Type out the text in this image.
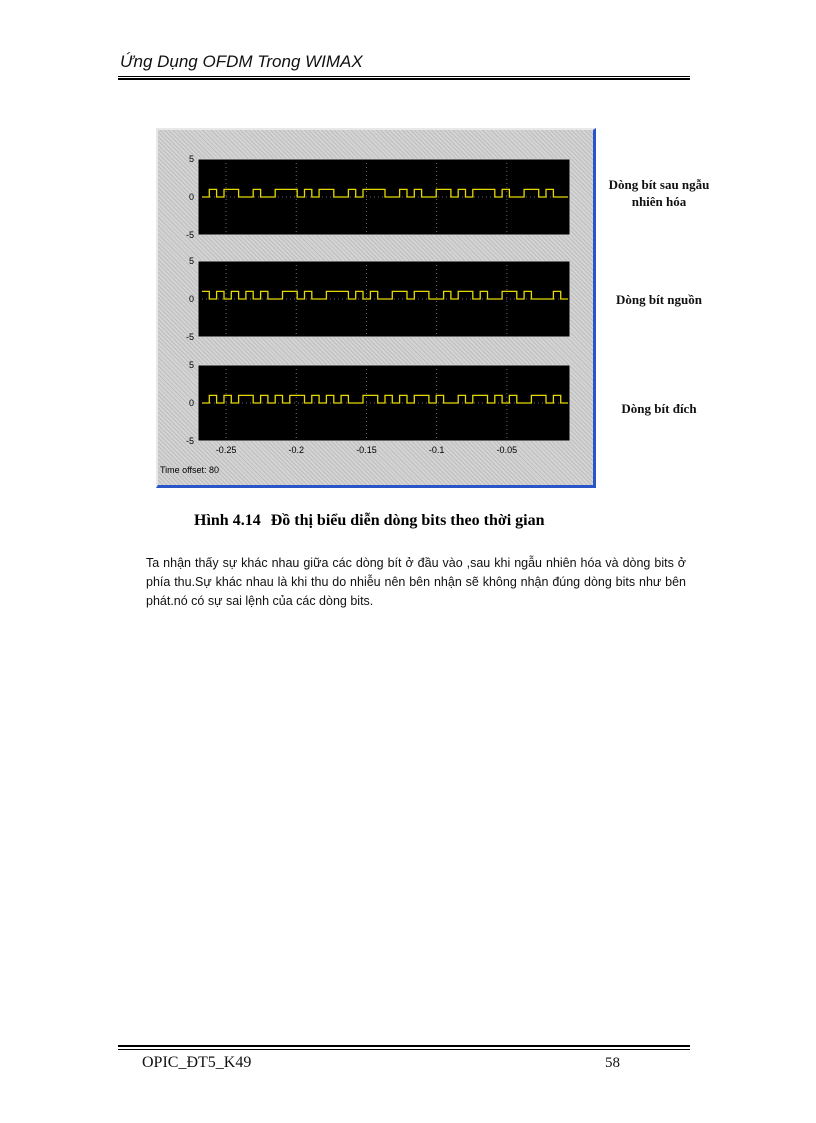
Ứng Dụng OFDM Trong WIMAX
5
0
-5
5
0
-5
5
0
-5
-0.25	-0.2	-0.15	-0.1	-0.05
Time offset: 80
Dòng bít sau ngẫu
nhiên hóa
Dòng bít nguồn
Dòng bít đích
Hình 4.14 Đồ thị biểu diễn dòng bits theo thời gian
Ta nhận thấy sự khác nhau giữa các dòng bít ở đầu vào ,sau khi ngẫu nhiên hóa và dòng bits ở phía thu.Sự khác nhau là khi thu do nhiễu nên bên nhận sẽ không nhận đúng dòng bits như bên phát.nó có sự sai lệnh của các dòng bits.
OPIC_ĐT5_K49	58
